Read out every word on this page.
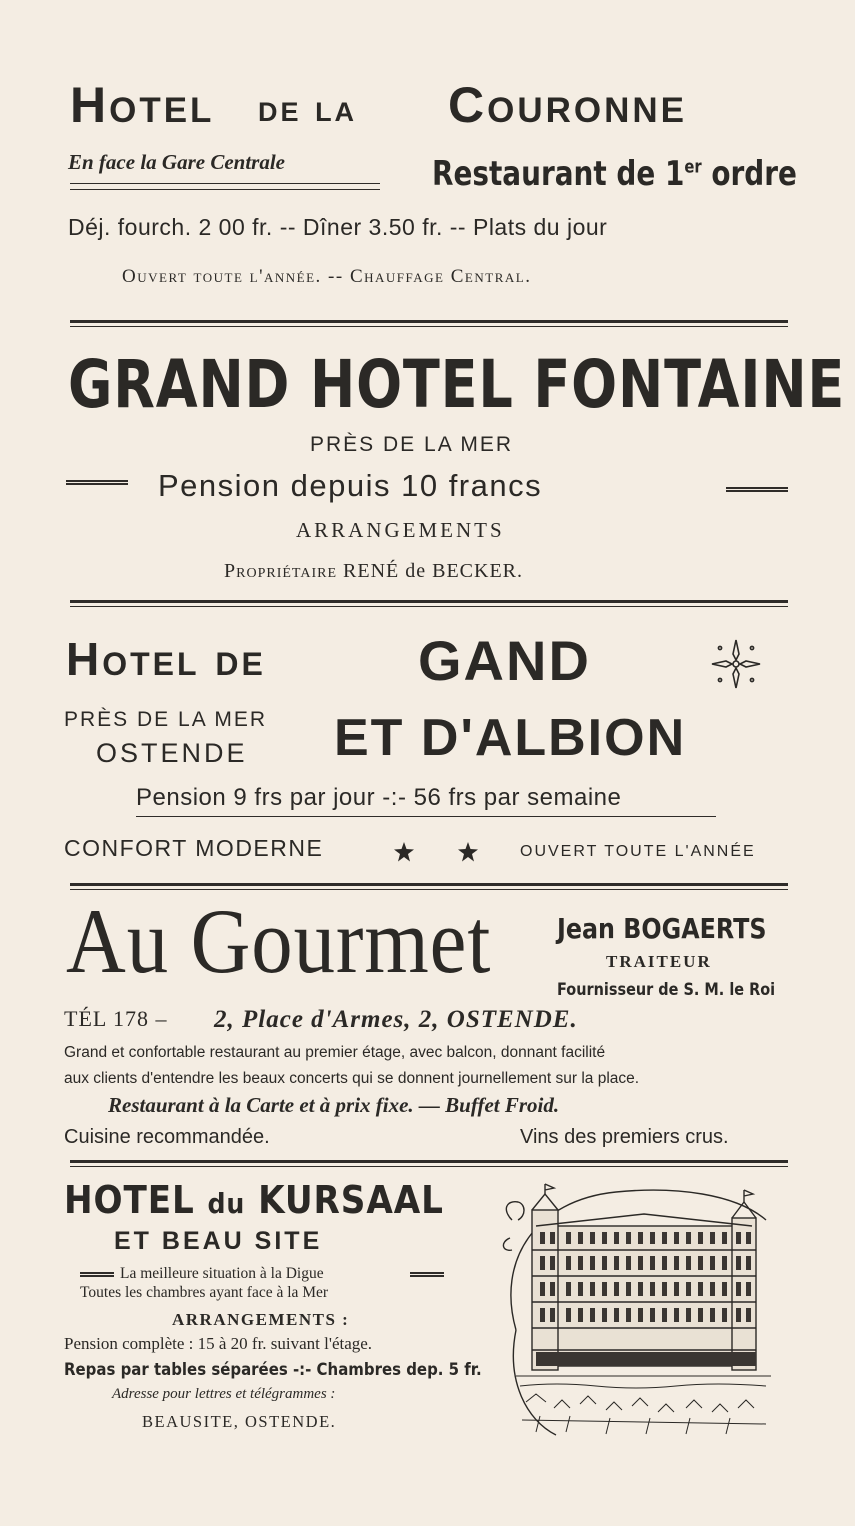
Hotel de la Couronne
En face la Gare Centrale	Restaurant de 1er ordre
Déj. fourch. 2 00 fr. -- Dîner 3.50 fr. -- Plats du jour
Ouvert toute l'année. -- Chauffage Central.
GRAND HOTEL FONTAINE
PRÈS DE LA MER
Pension depuis 10 francs
ARRANGEMENTS
Propriétaire RENÉ de BECKER.
Hotel de	GAND
PRÈS DE LA MER
OSTENDE ET D'ALBION
Pension 9 frs par jour -:- 56 frs par semaine
CONFORT MODERNE	OUVERT TOUTE L'ANNÉE
Au Gourmet Jean BOGAERTS
TRAITEUR
Fournisseur de S. M. le Roi
TÉL 178 – 2, Place d'Armes, 2, OSTENDE.
Grand et confortable restaurant au premier étage, avec balcon, donnant facilité
aux clients d'entendre les beaux concerts qui se donnent journellement sur la place.
Restaurant à la Carte et à prix fixe. — Buffet Froid.
Cuisine recommandée.	Vins des premiers crus.
HOTEL du KURSAAL
ET BEAU SITE
La meilleure situation à la Digue
Toutes les chambres ayant face à la Mer
ARRANGEMENTS :
Pension complète : 15 à 20 fr. suivant l'étage.
Repas par tables séparées -:- Chambres dep. 5 fr.
Adresse pour lettres et télégrammes :
BEAUSITE, OSTENDE.
